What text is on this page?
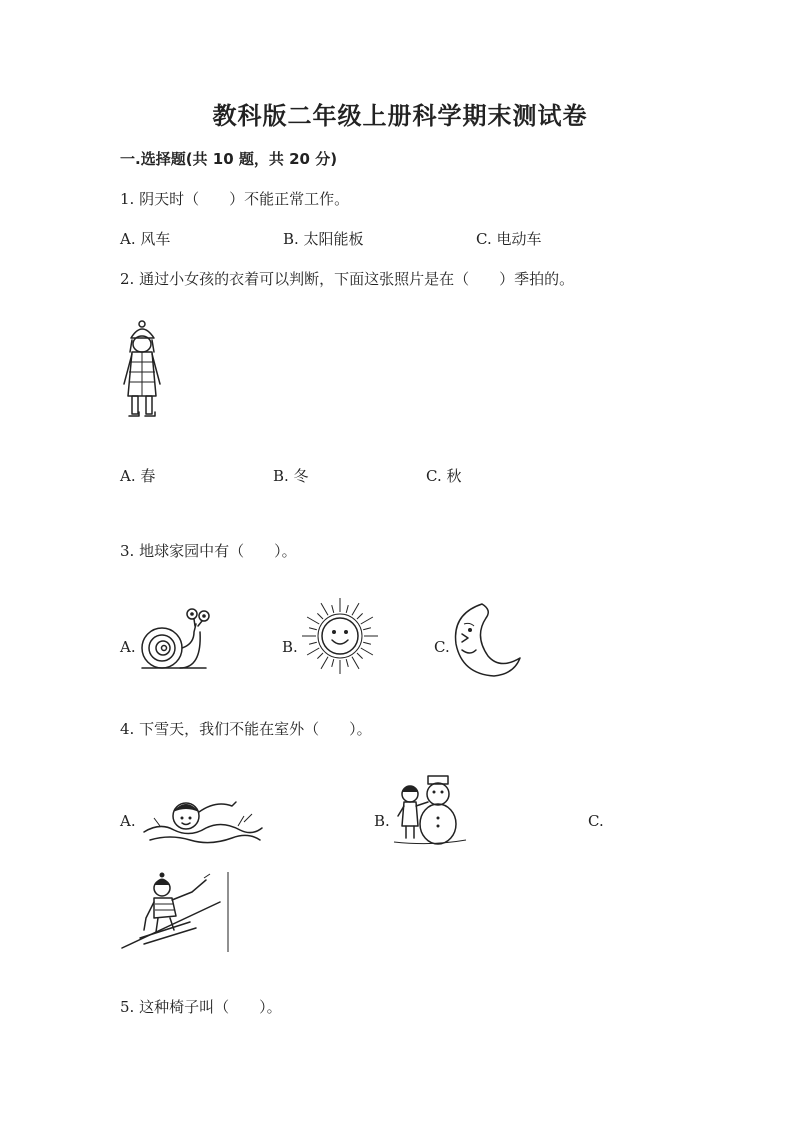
教科版二年级上册科学期末测试卷
一.选择题(共 10 题，共 20 分)
1. 阴天时（　　）不能正常工作。
A. 风车	B. 太阳能板	C. 电动车
2. 通过小女孩的衣着可以判断，下面这张照片是在（　　）季拍的。
A. 春	B. 冬	C. 秋
3. 地球家园中有（　　）。
A.	B.	C.
4. 下雪天，我们不能在室外（　　）。
A.	B.	C.
5. 这种椅子叫（　　）。
